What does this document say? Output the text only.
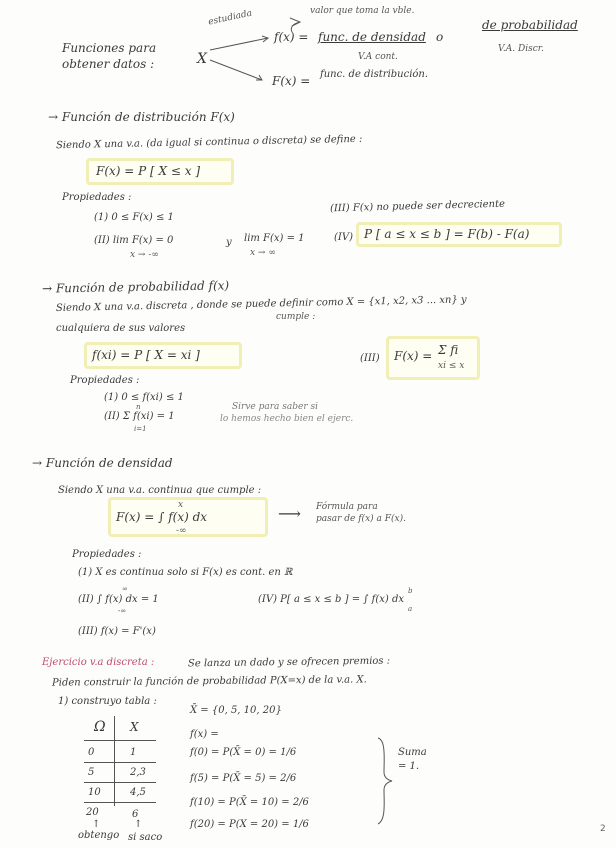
Funciones para
obtener datos :
estudiada
X
valor que toma la vble.
f(x) = func. de densidad o
de probabilidad
V.A cont.
V.A. Discr.
F(x) = func. de distribución.
→ Función de distribución F(x)
Siendo X una v.a. (da igual si continua o discreta) se define :
F(x) = P [ X ≤ x ]
Propiedades :
(1) 0 ≤ F(x) ≤ 1
(III) F(x) no puede ser decreciente
(II) lim F(x) = 0
x → -∞
y lim F(x) = 1
x → ∞
(IV) P [ a ≤ x ≤ b ] = F(b) - F(a)
→ Función de probabilidad f(x)
Siendo X una v.a. discreta , donde se puede definir como X = {x1, x2, x3 ... xn} y
cualquiera de sus valores
cumple :
f(xi) = P [ X = xi ]	(III) F(x) = Σ fi
xi ≤ x
Propiedades :
(1) 0 ≤ f(xi) ≤ 1
(II) Σ f(xi) = 1
n
i=1
Sirve para saber si
lo hemos hecho bien el ejerc.
→ Función de densidad
Siendo X una v.a. continua que cumple :
F(x) = ∫ f(x) dx
x
-∞
⟶ Fórmula para
pasar de f(x) a F(x).
Propiedades :
(1) X es continua solo si F(x) es cont. en ℝ
(II) ∫ f(x) dx = 1
∞
-∞
(IV) P[ a ≤ x ≤ b ] = ∫ f(x) dx
b
a
(III) f(x) = F'(x)
Ejercicio v.a discreta :	Se lanza un dado y se ofrecen premios :
Piden construir la función de probabilidad P(X=x) de la v.a. X.
1) construyo tabla :
Ω X
0	1
5	2,3
10	4,5
20	6
↑	↑
obtengo si saco
X̄ = {0, 5, 10, 20}
f(x) =
f(0) = P(X̄ = 0) = 1/6
f(5) = P(X̄ = 5) = 2/6
f(10) = P(X̄ = 10) = 2/6
f(20) = P(X = 20) = 1/6
Suma
= 1.
2
